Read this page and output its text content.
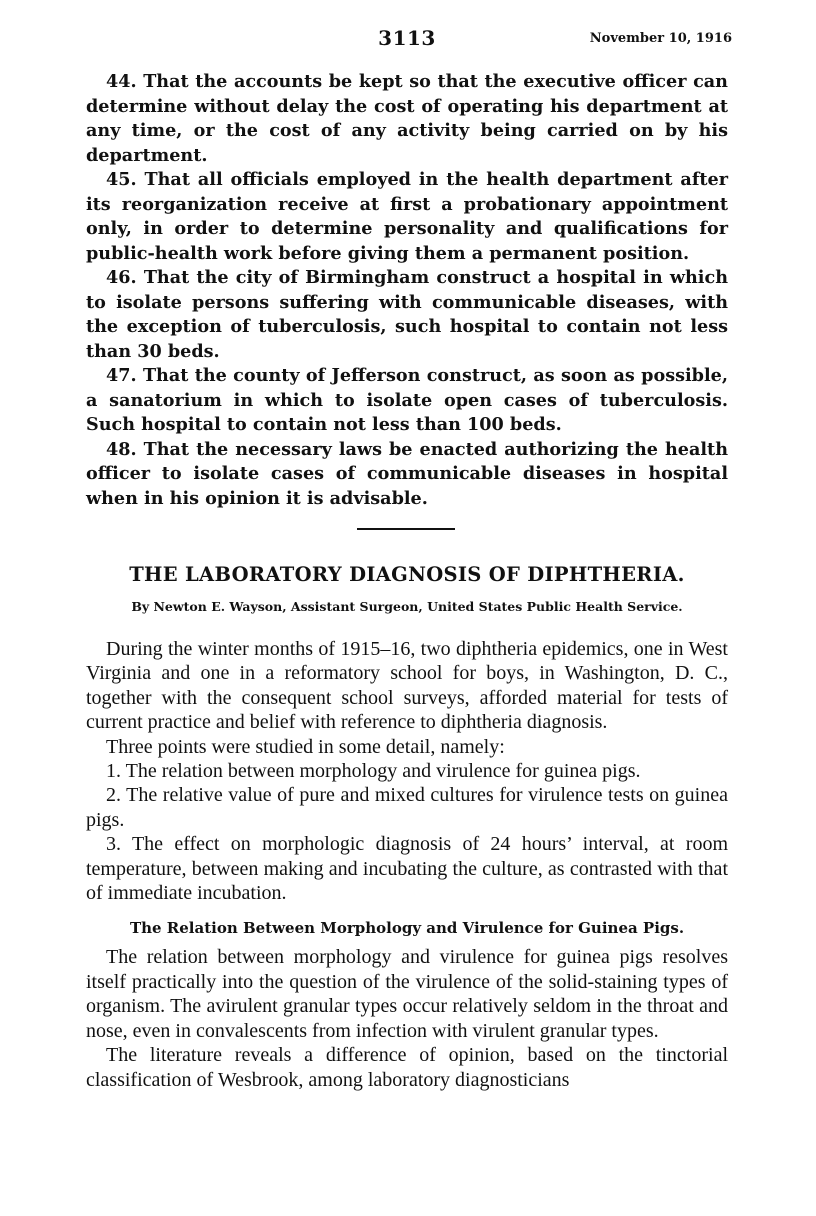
3113	November 10, 1916

44. That the accounts be kept so that the executive officer can determine without delay the cost of operating his department at any time, or the cost of any activity being carried on by his department.

45. That all officials employed in the health department after its reorganization receive at first a probationary appointment only, in order to determine personality and qualifications for public-health work before giving them a permanent position.

46. That the city of Birmingham construct a hospital in which to isolate persons suffering with communicable diseases, with the exception of tuberculosis, such hospital to contain not less than 30 beds.

47. That the county of Jefferson construct, as soon as possible, a sanatorium in which to isolate open cases of tuberculosis. Such hospital to contain not less than 100 beds.

48. That the necessary laws be enacted authorizing the health officer to isolate cases of communicable diseases in hospital when in his opinion it is advisable.

THE LABORATORY DIAGNOSIS OF DIPHTHERIA.
By Newton E. Wayson, Assistant Surgeon, United States Public Health Service.

During the winter months of 1915–16, two diphtheria epidemics, one in West Virginia and one in a reformatory school for boys, in Washington, D. C., together with the consequent school surveys, afforded material for tests of current practice and belief with reference to diphtheria diagnosis.

Three points were studied in some detail, namely:

1. The relation between morphology and virulence for guinea pigs.

2. The relative value of pure and mixed cultures for virulence tests on guinea pigs.

3. The effect on morphologic diagnosis of 24 hours’ interval, at room temperature, between making and incubating the culture, as contrasted with that of immediate incubation.

The Relation Between Morphology and Virulence for Guinea Pigs.

The relation between morphology and virulence for guinea pigs resolves itself practically into the question of the virulence of the solid-staining types of organism. The avirulent granular types occur relatively seldom in the throat and nose, even in convalescents from infection with virulent granular types.

The literature reveals a difference of opinion, based on the tinctorial classification of Wesbrook, among laboratory diagnosticians
